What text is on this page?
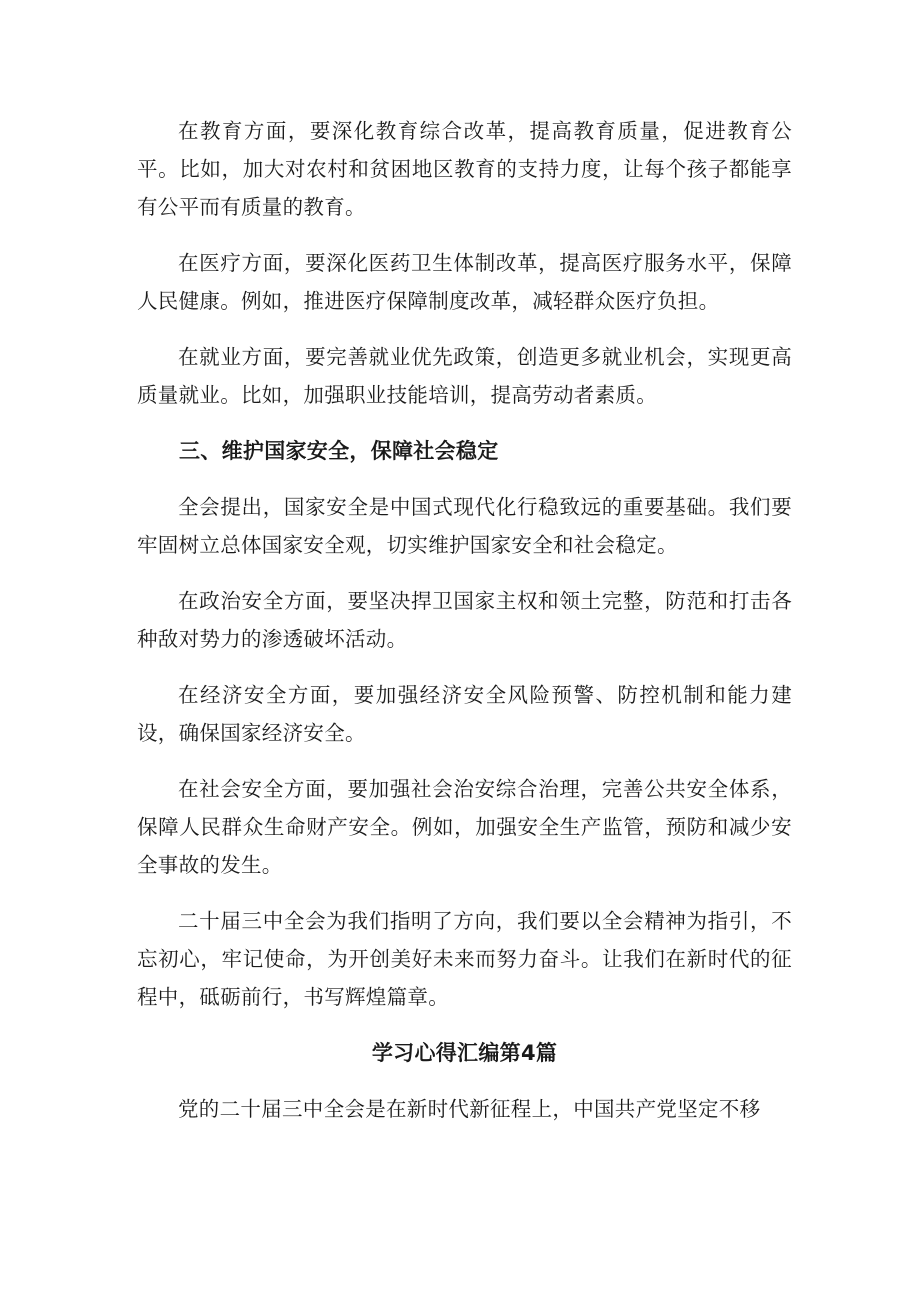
在教育方面，要深化教育综合改革，提高教育质量，促进教育公平。比如，加大对农村和贫困地区教育的支持力度，让每个孩子都能享有公平而有质量的教育。

在医疗方面，要深化医药卫生体制改革，提高医疗服务水平，保障人民健康。例如，推进医疗保障制度改革，减轻群众医疗负担。

在就业方面，要完善就业优先政策，创造更多就业机会，实现更高质量就业。比如，加强职业技能培训，提高劳动者素质。

三、维护国家安全，保障社会稳定

全会提出，国家安全是中国式现代化行稳致远的重要基础。我们要牢固树立总体国家安全观，切实维护国家安全和社会稳定。

在政治安全方面，要坚决捍卫国家主权和领土完整，防范和打击各种敌对势力的渗透破坏活动。

在经济安全方面，要加强经济安全风险预警、防控机制和能力建设，确保国家经济安全。

在社会安全方面，要加强社会治安综合治理，完善公共安全体系，保障人民群众生命财产安全。例如，加强安全生产监管，预防和减少安全事故的发生。

二十届三中全会为我们指明了方向，我们要以全会精神为指引，不忘初心，牢记使命，为开创美好未来而努力奋斗。让我们在新时代的征程中，砥砺前行，书写辉煌篇章。

学习心得汇编第4篇

党的二十届三中全会是在新时代新征程上，中国共产党坚定不移
